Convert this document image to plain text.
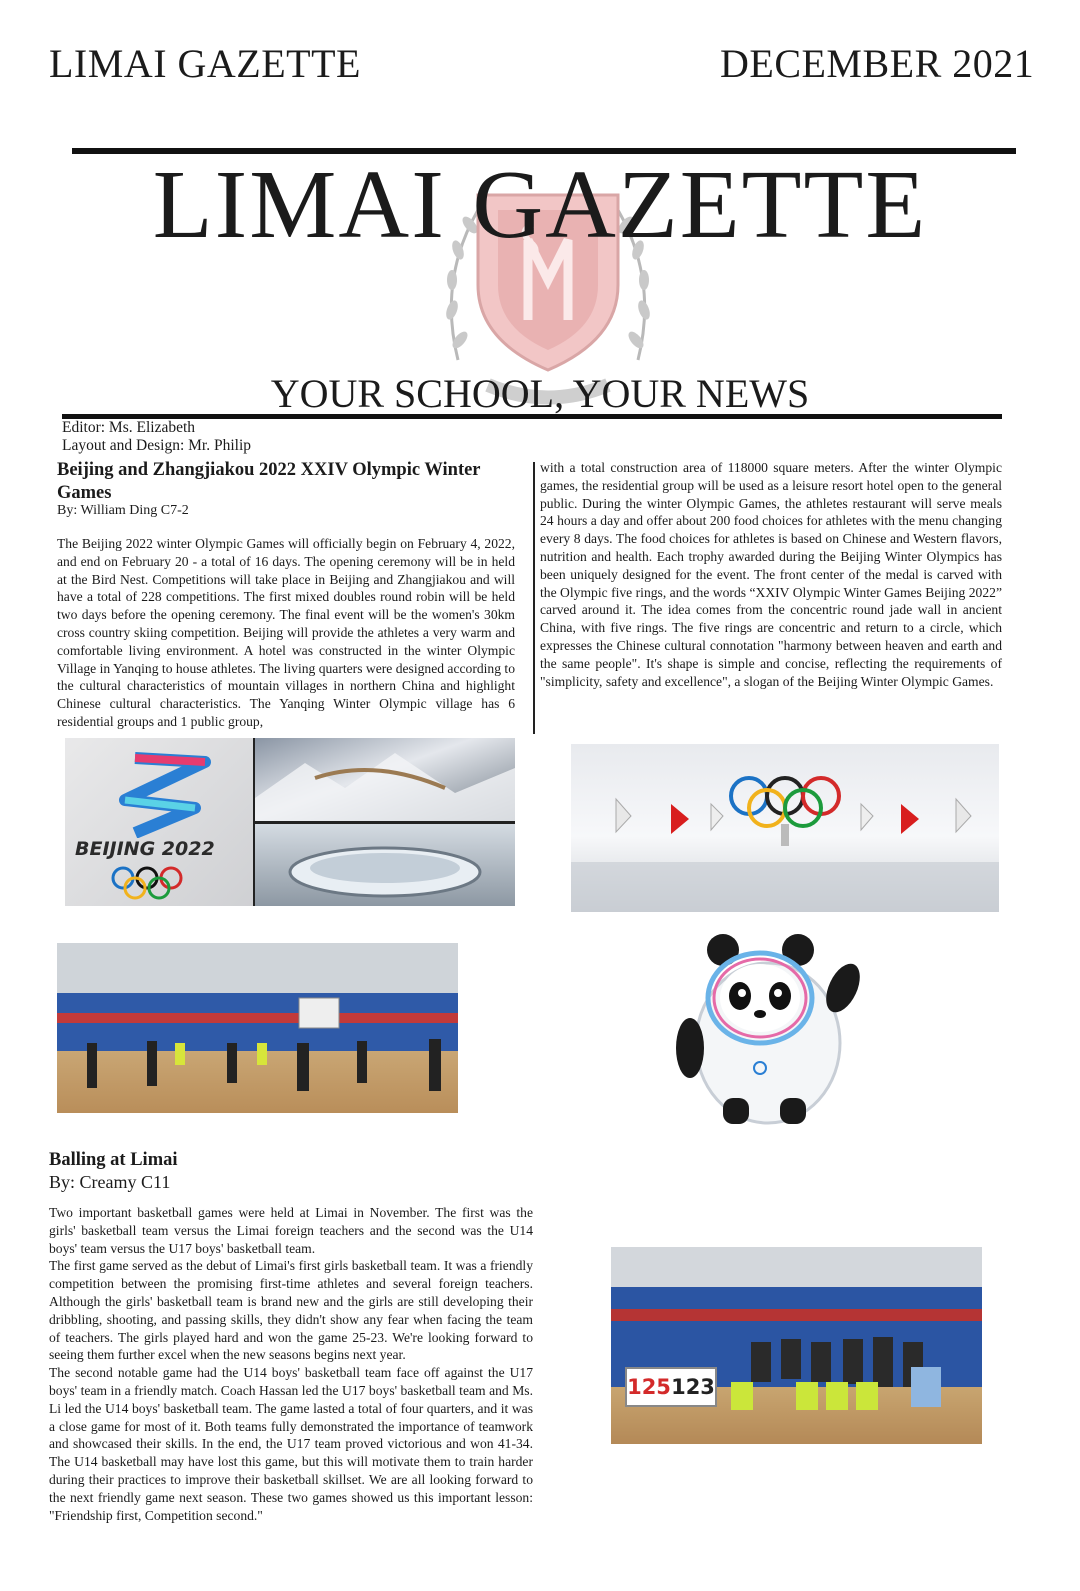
LIMAI GAZETTE	DECEMBER 2021
LIMAI GAZETTE
YOUR SCHOOL, YOUR NEWS
Editor: Ms. Elizabeth
Layout and Design: Mr. Philip
Beijing and Zhangjiakou 2022 XXIV Olympic Winter Games
By: William Ding C7-2
The Beijing 2022 winter Olympic Games will officially begin on February 4, 2022, and end on February 20 - a total of 16 days. The opening ceremony will be in held at the Bird Nest. Competitions will take place in Beijing and Zhangjiakou and will have a total of 228 competitions. The first mixed doubles round robin will be held two days before the opening ceremony. The final event will be the women's 30km cross country skiing competition. Beijing will provide the athletes a very warm and comfortable living environment. A hotel was constructed in the winter Olympic Village in Yanqing to house athletes. The living quarters were designed according to the cultural characteristics of mountain villages in northern China and highlight Chinese cultural characteristics. The Yanqing Winter Olympic village has 6 residential groups and 1 public group,
with a total construction area of 118000 square meters. After the winter Olympic games, the residential group will be used as a leisure resort hotel open to the general public. During the winter Olympic Games, the athletes restaurant will serve meals 24 hours a day and offer about 200 food choices for athletes with the menu changing every 8 days. The food choices for athletes is based on Chinese and Western flavors, nutrition and health. Each trophy awarded during the Beijing Winter Olympics has been uniquely designed for the event. The front center of the medal is carved with the Olympic five rings, and the words “XXIV Olympic Winter Games Beijing 2022” carved around it. The idea comes from the concentric round jade wall in ancient China, with five rings. The five rings are concentric and return to a circle, which expresses the Chinese cultural connotation "harmony between heaven and earth and the same people". It's shape is simple and concise, reflecting the requirements of "simplicity, safety and excellence", a slogan of the Beijing Winter Olympic Games.
BEIJING 2022
Balling at Limai
By: Creamy C11
Two important basketball games were held at Limai in November. The first was the girls' basketball team versus the Limai foreign teachers and the second was the U14 boys' team versus the U17 boys' basketball team.
The first game served as the debut of Limai's first girls basketball team. It was a friendly competition between the promising first-time athletes and several foreign teachers. Although the girls' basketball team is brand new and the girls are still developing their dribbling, shooting, and passing skills, they didn't show any fear when facing the team of teachers. The girls played hard and won the game 25-23. We're looking forward to seeing them further excel when the new seasons begins next year.
The second notable game had the U14 boys' basketball team face off against the U17 boys' team in a friendly match. Coach Hassan led the U17 boys' basketball team and Ms. Li led the U14 boys' basketball team. The game lasted a total of four quarters, and it was a close game for most of it. Both teams fully demonstrated the importance of teamwork and showcased their skills. In the end, the U17 team proved victorious and won 41-34. The U14 basketball may have lost this game, but this will motivate them to train harder during their practices to improve their basketball skillset. We are all looking forward to the next friendly game next season. These two games showed us this important lesson: "Friendship first, Competition second."
125 123
